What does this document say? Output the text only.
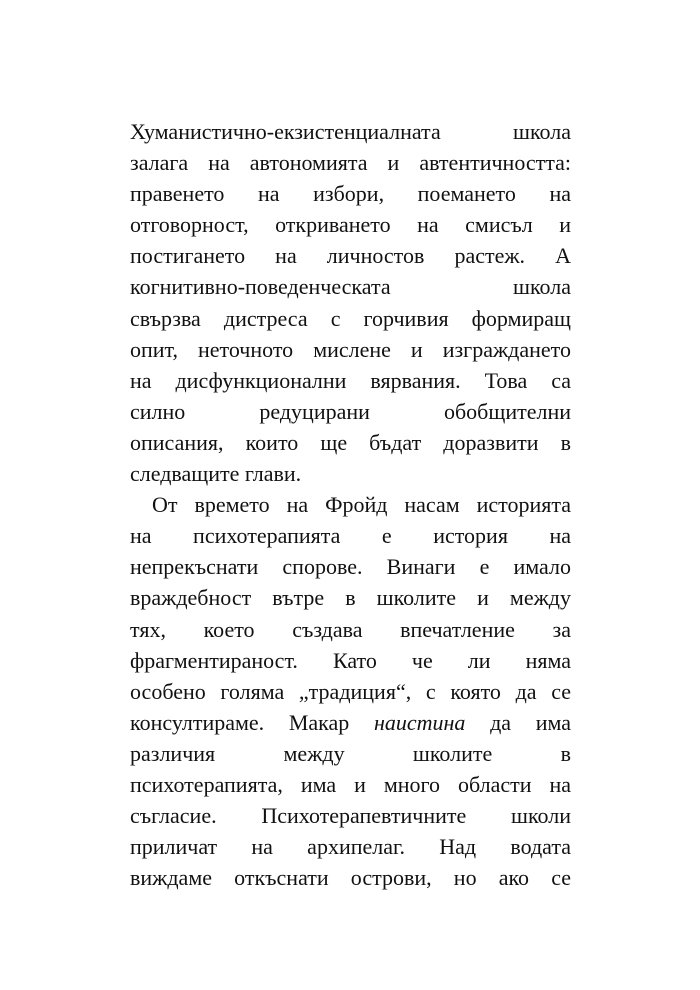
Хуманистично-екзистенциалната школа
залага на автономията и автентичността:
правенето на избори, поемането на
отговорност, откриването на смисъл и
постигането на личностов растеж. А
когнитивно-поведенческата школа
свързва дистреса с горчивия формиращ
опит, неточното мислене и изграждането
на дисфункционални вярвания. Това са
силно редуцирани обобщителни
описания, които ще бъдат доразвити в
следващите глави.
От времето на Фройд насам историята
на психотерапията е история на
непрекъснати спорове. Винаги е имало
враждебност вътре в школите и между
тях, което създава впечатление за
фрагментираност. Като че ли няма
особено голяма „традиция“, с която да се
консултираме. Макар наистина да има
различия между школите в
психотерапията, има и много области на
съгласие. Психотерапевтичните школи
приличат на архипелаг. Над водата
виждаме откъснати острови, но ако се
